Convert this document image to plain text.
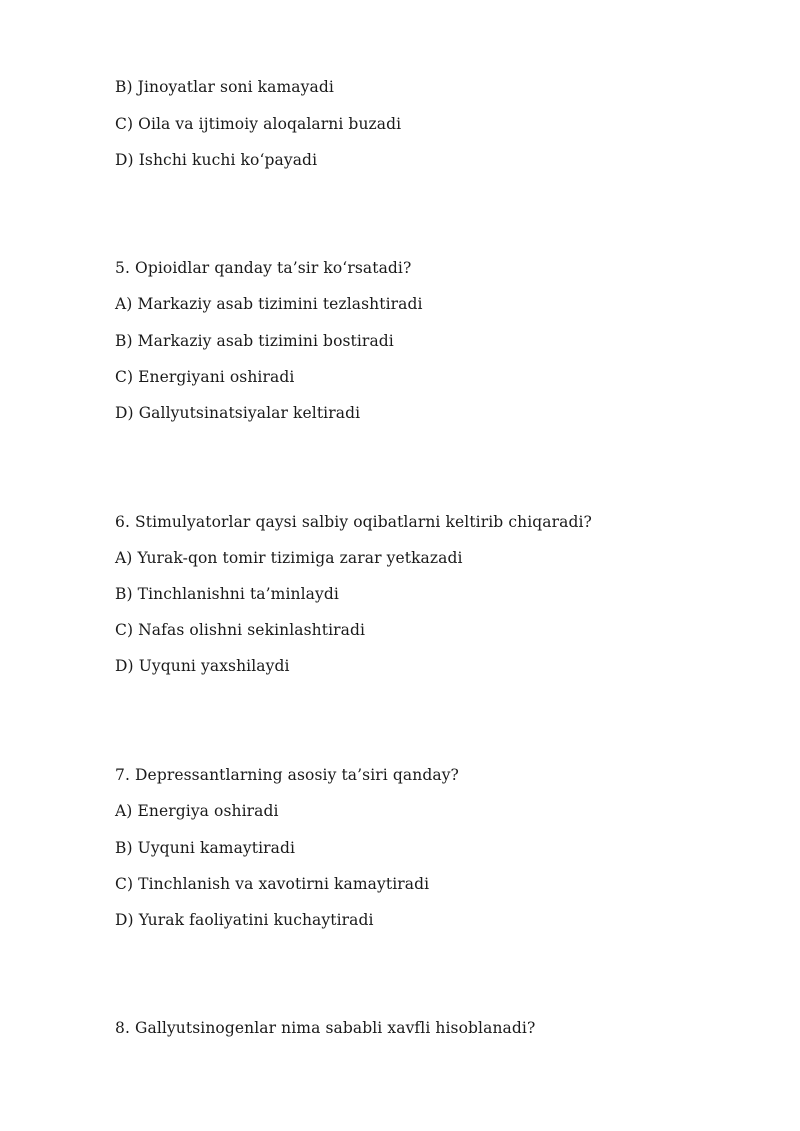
B) Jinoyatlar soni kamayadi
C) Oila va ijtimoiy aloqalarni buzadi
D) Ishchi kuchi ko‘payadi
5. Opioidlar qanday ta’sir ko‘rsatadi?
A) Markaziy asab tizimini tezlashtiradi
B) Markaziy asab tizimini bostiradi
C) Energiyani oshiradi
D) Gallyutsinatsiyalar keltiradi
6. Stimulyatorlar qaysi salbiy oqibatlarni keltirib chiqaradi?
A) Yurak-qon tomir tizimiga zarar yetkazadi
B) Tinchlanishni ta’minlaydi
C) Nafas olishni sekinlashtiradi
D) Uyquni yaxshilaydi
7. Depressantlarning asosiy ta’siri qanday?
A) Energiya oshiradi
B) Uyquni kamaytiradi
C) Tinchlanish va xavotirni kamaytiradi
D) Yurak faoliyatini kuchaytiradi
8. Gallyutsinogenlar nima sababli xavfli hisoblanadi?
